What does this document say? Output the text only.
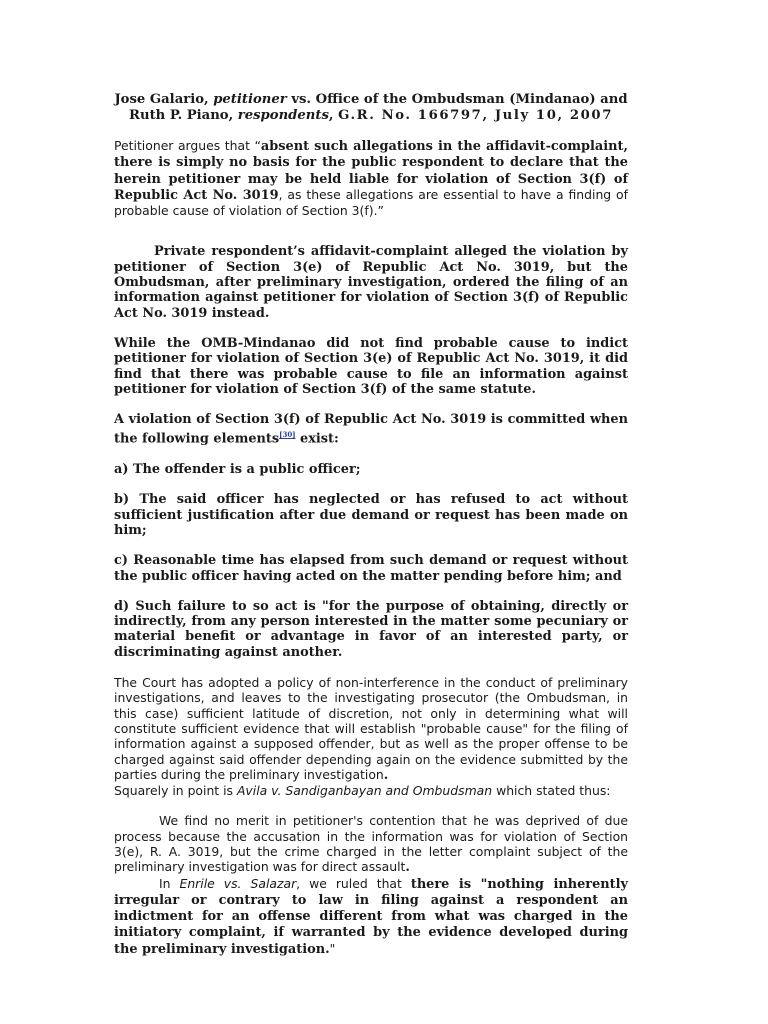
Jose Galario, petitioner vs. Office of the Ombudsman (Mindanao) and Ruth P. Piano, respondents, G.R. No. 166797, July 10, 2007

Petitioner argues that “absent such allegations in the affidavit-complaint, there is simply no basis for the public respondent to declare that the herein petitioner may be held liable for violation of Section 3(f) of Republic Act No. 3019, as these allegations are essential to have a finding of probable cause of violation of Section 3(f).”

Private respondent’s affidavit-complaint alleged the violation by petitioner of Section 3(e) of Republic Act No. 3019, but the Ombudsman, after preliminary investigation, ordered the filing of an information against petitioner for violation of Section 3(f) of Republic Act No. 3019 instead.

While the OMB-Mindanao did not find probable cause to indict petitioner for violation of Section 3(e) of Republic Act No. 3019, it did find that there was probable cause to file an information against petitioner for violation of Section 3(f) of the same statute.

A violation of Section 3(f) of Republic Act No. 3019 is committed when the following elements[30] exist:

a) The offender is a public officer;

b) The said officer has neglected or has refused to act without sufficient justification after due demand or request has been made on him;

c) Reasonable time has elapsed from such demand or request without the public officer having acted on the matter pending before him; and

d) Such failure to so act is "for the purpose of obtaining, directly or indirectly, from any person interested in the matter some pecuniary or material benefit or advantage in favor of an interested party, or discriminating against another.

The Court has adopted a policy of non-interference in the conduct of preliminary investigations, and leaves to the investigating prosecutor (the Ombudsman, in this case) sufficient latitude of discretion, not only in determining what will constitute sufficient evidence that will establish "probable cause" for the filing of information against a supposed offender, but as well as the proper offense to be charged against said offender depending again on the evidence submitted by the parties during the preliminary investigation.

Squarely in point is Avila v. Sandiganbayan and Ombudsman which stated thus:

We find no merit in petitioner's contention that he was deprived of due process because the accusation in the information was for violation of Section 3(e), R. A. 3019, but the crime charged in the letter complaint subject of the preliminary investigation was for direct assault.

In Enrile vs. Salazar, we ruled that there is "nothing inherently irregular or contrary to law in filing against a respondent an indictment for an offense different from what was charged in the initiatory complaint, if warranted by the evidence developed during the preliminary investigation."
